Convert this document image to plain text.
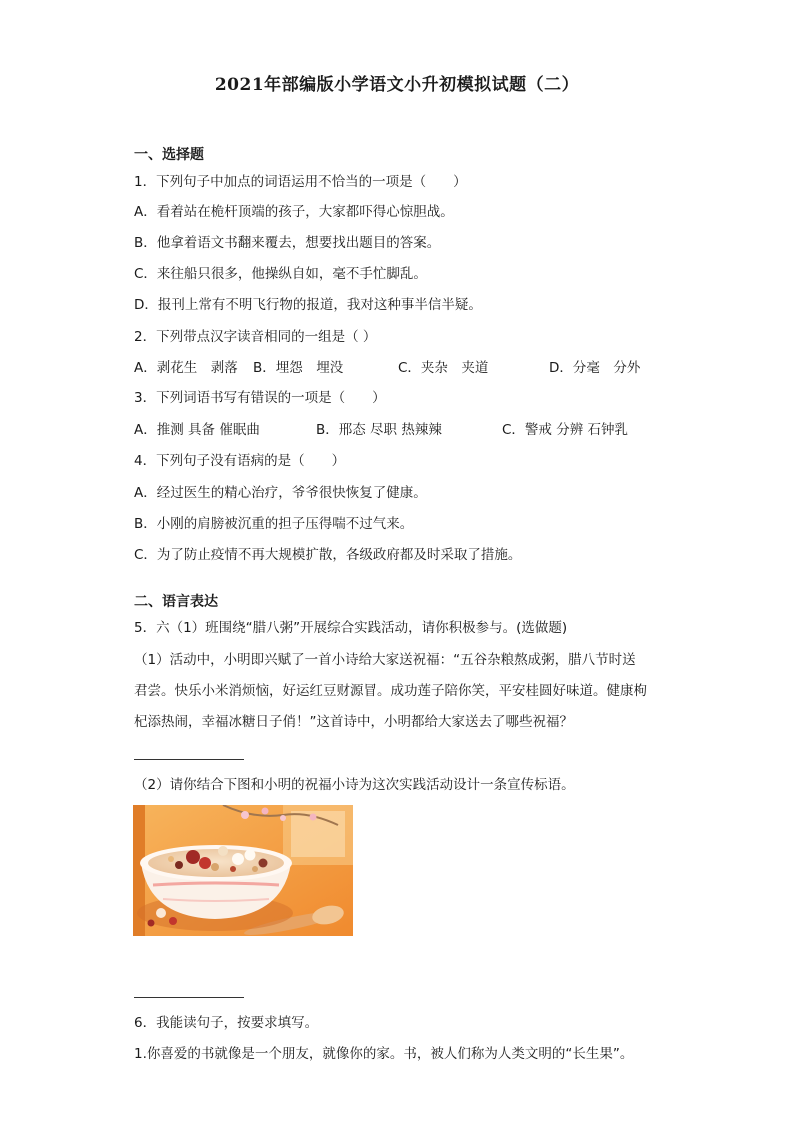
2021年部编版小学语文小升初模拟试题（二）
一、选择题
1．下列句子中加点的词语运用不恰当的一项是（　　）
A．看着站在桅杆顶端的孩子，大家都吓得心惊胆战。
B．他拿着语文书翻来覆去，想要找出题目的答案。
C．来往船只很多，他操纵自如，毫不手忙脚乱。
D．报刊上常有不明飞行物的报道，我对这种事半信半疑。
2．下列带点汉字读音相同的一组是（ ）
A．剥花生　剥落 B．埋怨　埋没	C．夹杂　夹道	D．分毫　分外
3．下列词语书写有错误的一项是（　　）
A．推测 具备 催眠曲	B．邢态 尽职 热辣辣	C．警戒 分辨 石钟乳
4．下列句子没有语病的是（　　）
A．经过医生的精心治疗，爷爷很快恢复了健康。
B．小刚的肩膀被沉重的担子压得喘不过气来。
C．为了防止疫情不再大规模扩散，各级政府都及时采取了措施。
二、语言表达
5．六（1）班围绕“腊八粥”开展综合实践活动，请你积极参与。(选做题)
（1）活动中，小明即兴赋了一首小诗给大家送祝福：“五谷杂粮熬成粥，腊八节时送
君尝。快乐小米消烦恼，好运红豆财源冒。成功莲子陪你笑，平安桂圆好味道。健康枸
杞添热闹，幸福冰糖日子俏！”这首诗中，小明都给大家送去了哪些祝福？
（2）请你结合下图和小明的祝福小诗为这次实践活动设计一条宣传标语。
6．我能读句子，按要求填写。
1.你喜爱的书就像是一个朋友，就像你的家。书，被人们称为人类文明的“长生果”。
